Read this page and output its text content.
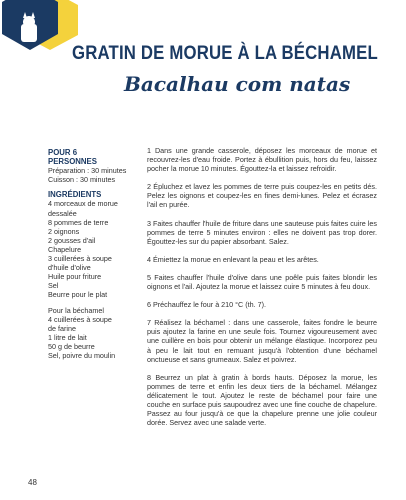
GRATIN DE MORUE À LA BÉCHAMEL
Bacalhau com natas
POUR 6 PERSONNES
Préparation : 30 minutes
Cuisson : 30 minutes
INGRÉDIENTS
4 morceaux de morue
dessalée
8 pommes de terre
2 oignons
2 gousses d'ail
Chapelure
3 cuillerées à soupe
d'huile d'olive
Huile pour friture
Sel
Beurre pour le plat
Pour la béchamel
4 cuillerées à soupe
de farine
1 litre de lait
50 g de beurre
Sel, poivre du moulin

1 Dans une grande casserole, déposez les morceaux de morue et recouvrez-les d'eau froide. Portez à ébullition puis, hors du feu, laissez pocher la morue 10 minutes. Égouttez-la et laissez refroidir.

2 Épluchez et lavez les pommes de terre puis coupez-les en petits dés. Pelez les oignons et coupez-les en fines demi-lunes. Pelez et écrasez l'ail en purée.

3 Faites chauffer l'huile de friture dans une sauteuse puis faites cuire les pommes de terre 5 minutes environ : elles ne doivent pas trop dorer. Égouttez-les sur du papier absorbant. Salez.

4 Émiettez la morue en enlevant la peau et les arêtes.

5 Faites chauffer l'huile d'olive dans une poêle puis faites blondir les oignons et l'ail. Ajoutez la morue et laissez cuire 5 minutes à feu doux.

6 Préchauffez le four à 210 °C (th. 7).

7 Réalisez la béchamel : dans une casserole, faites fondre le beurre puis ajoutez la farine en une seule fois. Tournez vigoureusement avec une cuillère en bois pour obtenir un mélange élastique. Incorporez peu à peu le lait tout en remuant jusqu'à l'obtention d'une béchamel onctueuse et sans grumeaux. Salez et poivrez.

8 Beurrez un plat à gratin à bords hauts. Déposez la morue, les pommes de terre et enfin les deux tiers de la béchamel. Mélangez délicatement le tout. Ajoutez le reste de béchamel pour faire une couche en surface puis saupoudrez avec une fine couche de chapelure. Passez au four jusqu'à ce que la chapelure prenne une jolie couleur dorée. Servez avec une salade verte.

48
